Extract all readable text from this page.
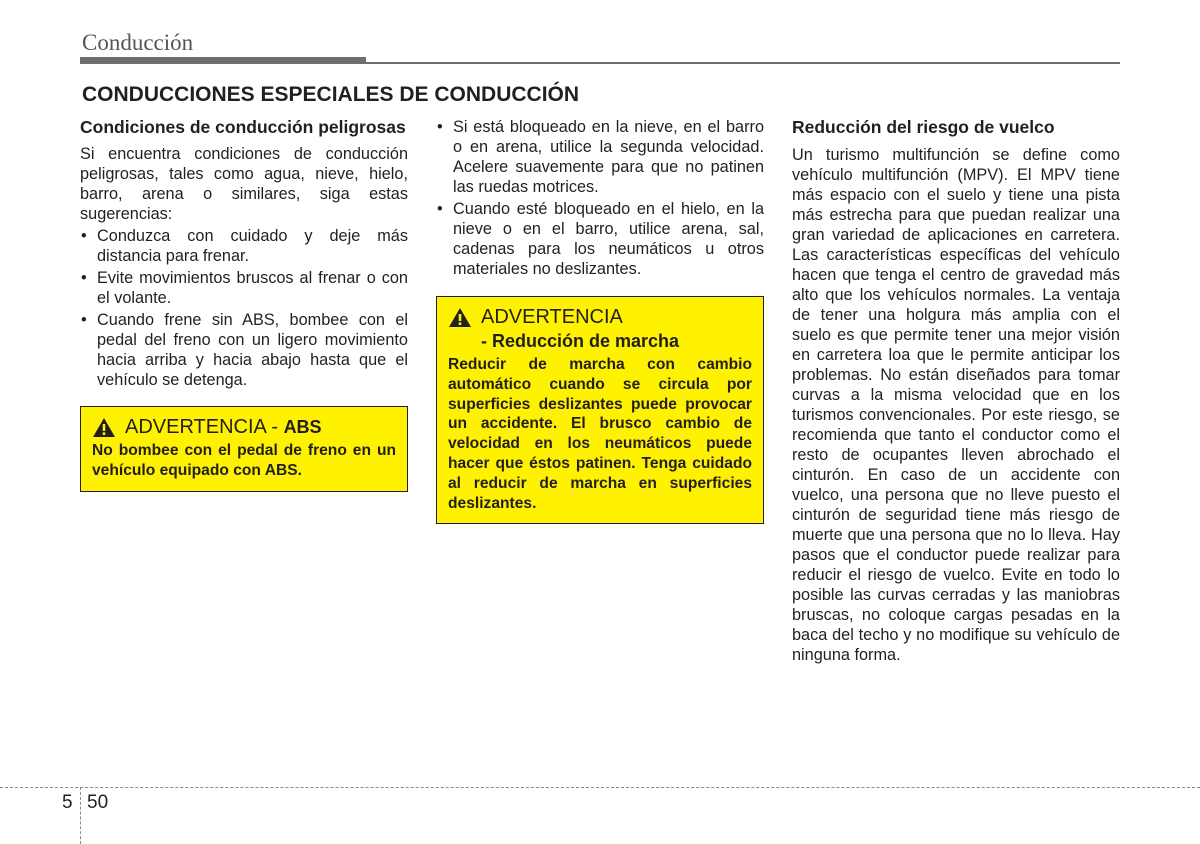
Conducción
CONDUCCIONES ESPECIALES DE CONDUCCIÓN
Condiciones de conducción peligrosas

Si encuentra condiciones de conducción peligrosas, tales como agua, nieve, hielo, barro, arena o similares, siga estas sugerencias:

• Conduzca con cuidado y deje más distancia para frenar.
• Evite movimientos bruscos al frenar o con el volante.
• Cuando frene sin ABS, bombee con el pedal del freno con un ligero movimiento hacia arriba y hacia abajo hasta que el vehículo se detenga.
ADVERTENCIA - ABS
No bombee con el pedal de freno en un vehículo equipado con ABS.
• Si está bloqueado en la nieve, en el barro o en arena, utilice la segunda velocidad. Acelere suavemente para que no patinen las ruedas motrices.
• Cuando esté bloqueado en el hielo, en la nieve o en el barro, utilice arena, sal, cadenas para los neumáticos u otros materiales no deslizantes.
ADVERTENCIA
- Reducción de marcha
Reducir de marcha con cambio automático cuando se circula por superficies deslizantes puede provocar un accidente. El brusco cambio de velocidad en los neumáticos puede hacer que éstos patinen. Tenga cuidado al reducir de marcha en superficies deslizantes.
Reducción del riesgo de vuelco

Un turismo multifunción se define como vehículo multifunción (MPV). El MPV tiene más espacio con el suelo y tiene una pista más estrecha para que puedan realizar una gran variedad de aplicaciones en carretera. Las características específicas del vehículo hacen que tenga el centro de gravedad más alto que los vehículos normales. La ventaja de tener una holgura más amplia con el suelo es que permite tener una mejor visión en carretera loa que le permite anticipar los problemas. No están diseñados para tomar curvas a la misma velocidad que en los turismos convencionales. Por este riesgo, se recomienda que tanto el conductor como el resto de ocupantes lleven abrochado el cinturón. En caso de un accidente con vuelco, una persona que no lleve puesto el cinturón de seguridad tiene más riesgo de muerte que una persona que no lo lleva. Hay pasos que el conductor puede realizar para reducir el riesgo de vuelco. Evite en todo lo posible las curvas cerradas y las maniobras bruscas, no coloque cargas pesadas en la baca del techo y no modifique su vehículo de ninguna forma.

5 50
